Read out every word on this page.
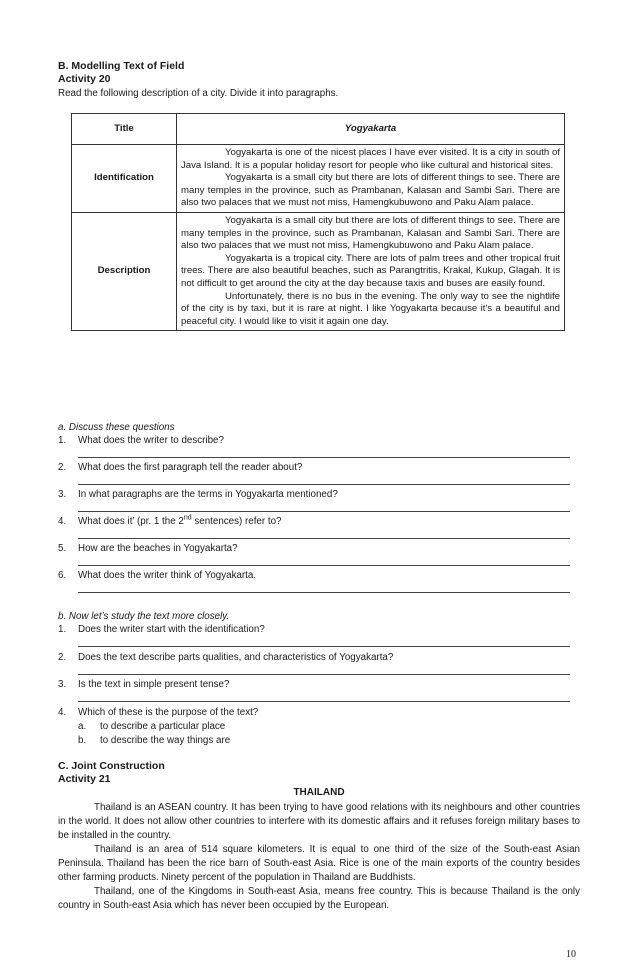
B. Modelling Text of Field
Activity 20
Read the following description of a city. Divide it into paragraphs.
Title	Yogyakarta
Identification	Yogyakarta is one of the nicest places I have ever visited. It is a city in south of Java Island. It is a popular holiday resort for people who like cultural and historical sites.

Yogyakarta is a small city but there are lots of different things to see. There are many temples in the province, such as Prambanan, Kalasan and Sambi Sari. There are also two palaces that we must not miss, Hamengkubuwono and Paku Alam palace.

Description	Yogyakarta is a small city but there are lots of different things to see. There are many temples in the province, such as Prambanan, Kalasan and Sambi Sari. There are also two palaces that we must not miss, Hamengkubuwono and Paku Alam palace.

Yogyakarta is a tropical city. There are lots of palm trees and other tropical fruit trees. There are also beautiful beaches, such as Parangtritis, Krakal, Kukup, Glagah. It is not difficult to get around the city at the day because taxis and buses are easily found.

Unfortunately, there is no bus in the evening. The only way to see the nightlife of the city is by taxi, but it is rare at night. I like Yogyakarta because it's a beautiful and peaceful city. I would like to visit it again one day.

a. Discuss these questions
1. What does the writer to describe?
2. What does the first paragraph tell the reader about?
3. In what paragraphs are the terms in Yogyakarta mentioned?
4. What does it’ (pr. 1 the 2nd sentences) refer to?
5. How are the beaches in Yogyakarta?
6. What does the writer think of Yogyakarta.
b. Now let’s study the text more closely.
1. Does the writer start with the identification?
2. Does the text describe parts qualities, and characteristics of Yogyakarta?
3. Is the text in simple present tense?
4. Which of these is the purpose of the text?
a. to describe a particular place
b. to describe the way things are
C. Joint Construction
Activity 21
THAILAND

Thailand is an ASEAN country. It has been trying to have good relations with its neighbours and other countries in the world. It does not allow other countries to interfere with its domestic affairs and it refuses foreign military bases to be installed in the country.

Thailand is an area of 514 square kilometers. It is equal to one third of the size of the South-east Asian Peninsula. Thailand has been the rice barn of South-east Asia. Rice is one of the main exports of the country besides other farming products. Ninety percent of the population in Thailand are Buddhists.

Thailand, one of the Kingdoms in South-east Asia, means free country. This is because Thailand is the only country in South-east Asia which has never been occupied by the European.

10
